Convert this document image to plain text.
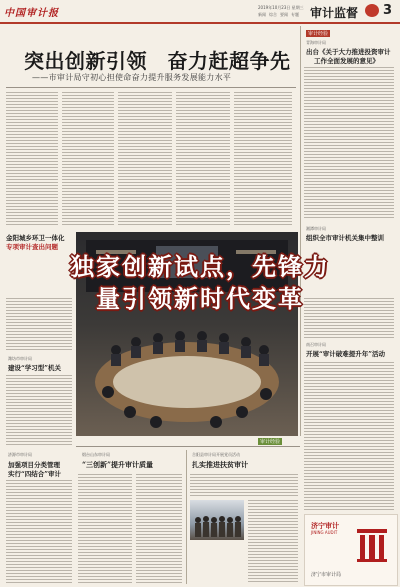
中国审计报
2019年10月23日 星期三
新闻 综合 要闻 专题 审计监督 3
突出创新引领　奋力赶超争先
——市审计局守初心担使命奋力提升服务发展能力水平
审计经验
青海审计局
出台《关于大力推进投资审计
工作全面发展的意见》
湘潭审计局
组织全市审计机关集中整训
南召审计局
开展“审计破难提升年”活动
金阳城乡环卫一体化
专项审计查出问题
潍坊市审计局
建设“学习型”机关
济源市审计局
加强项目分类管理
实行“四结合”审计
审计经验
烟台山东审计局
“三创新”提升审计质量
合阳县审计局开展党员活动
扎实推进扶贫审计
济宁审计
JINING AUDIT
济宁市审计局
独家创新试点，先锋力
量引领新时代变革
